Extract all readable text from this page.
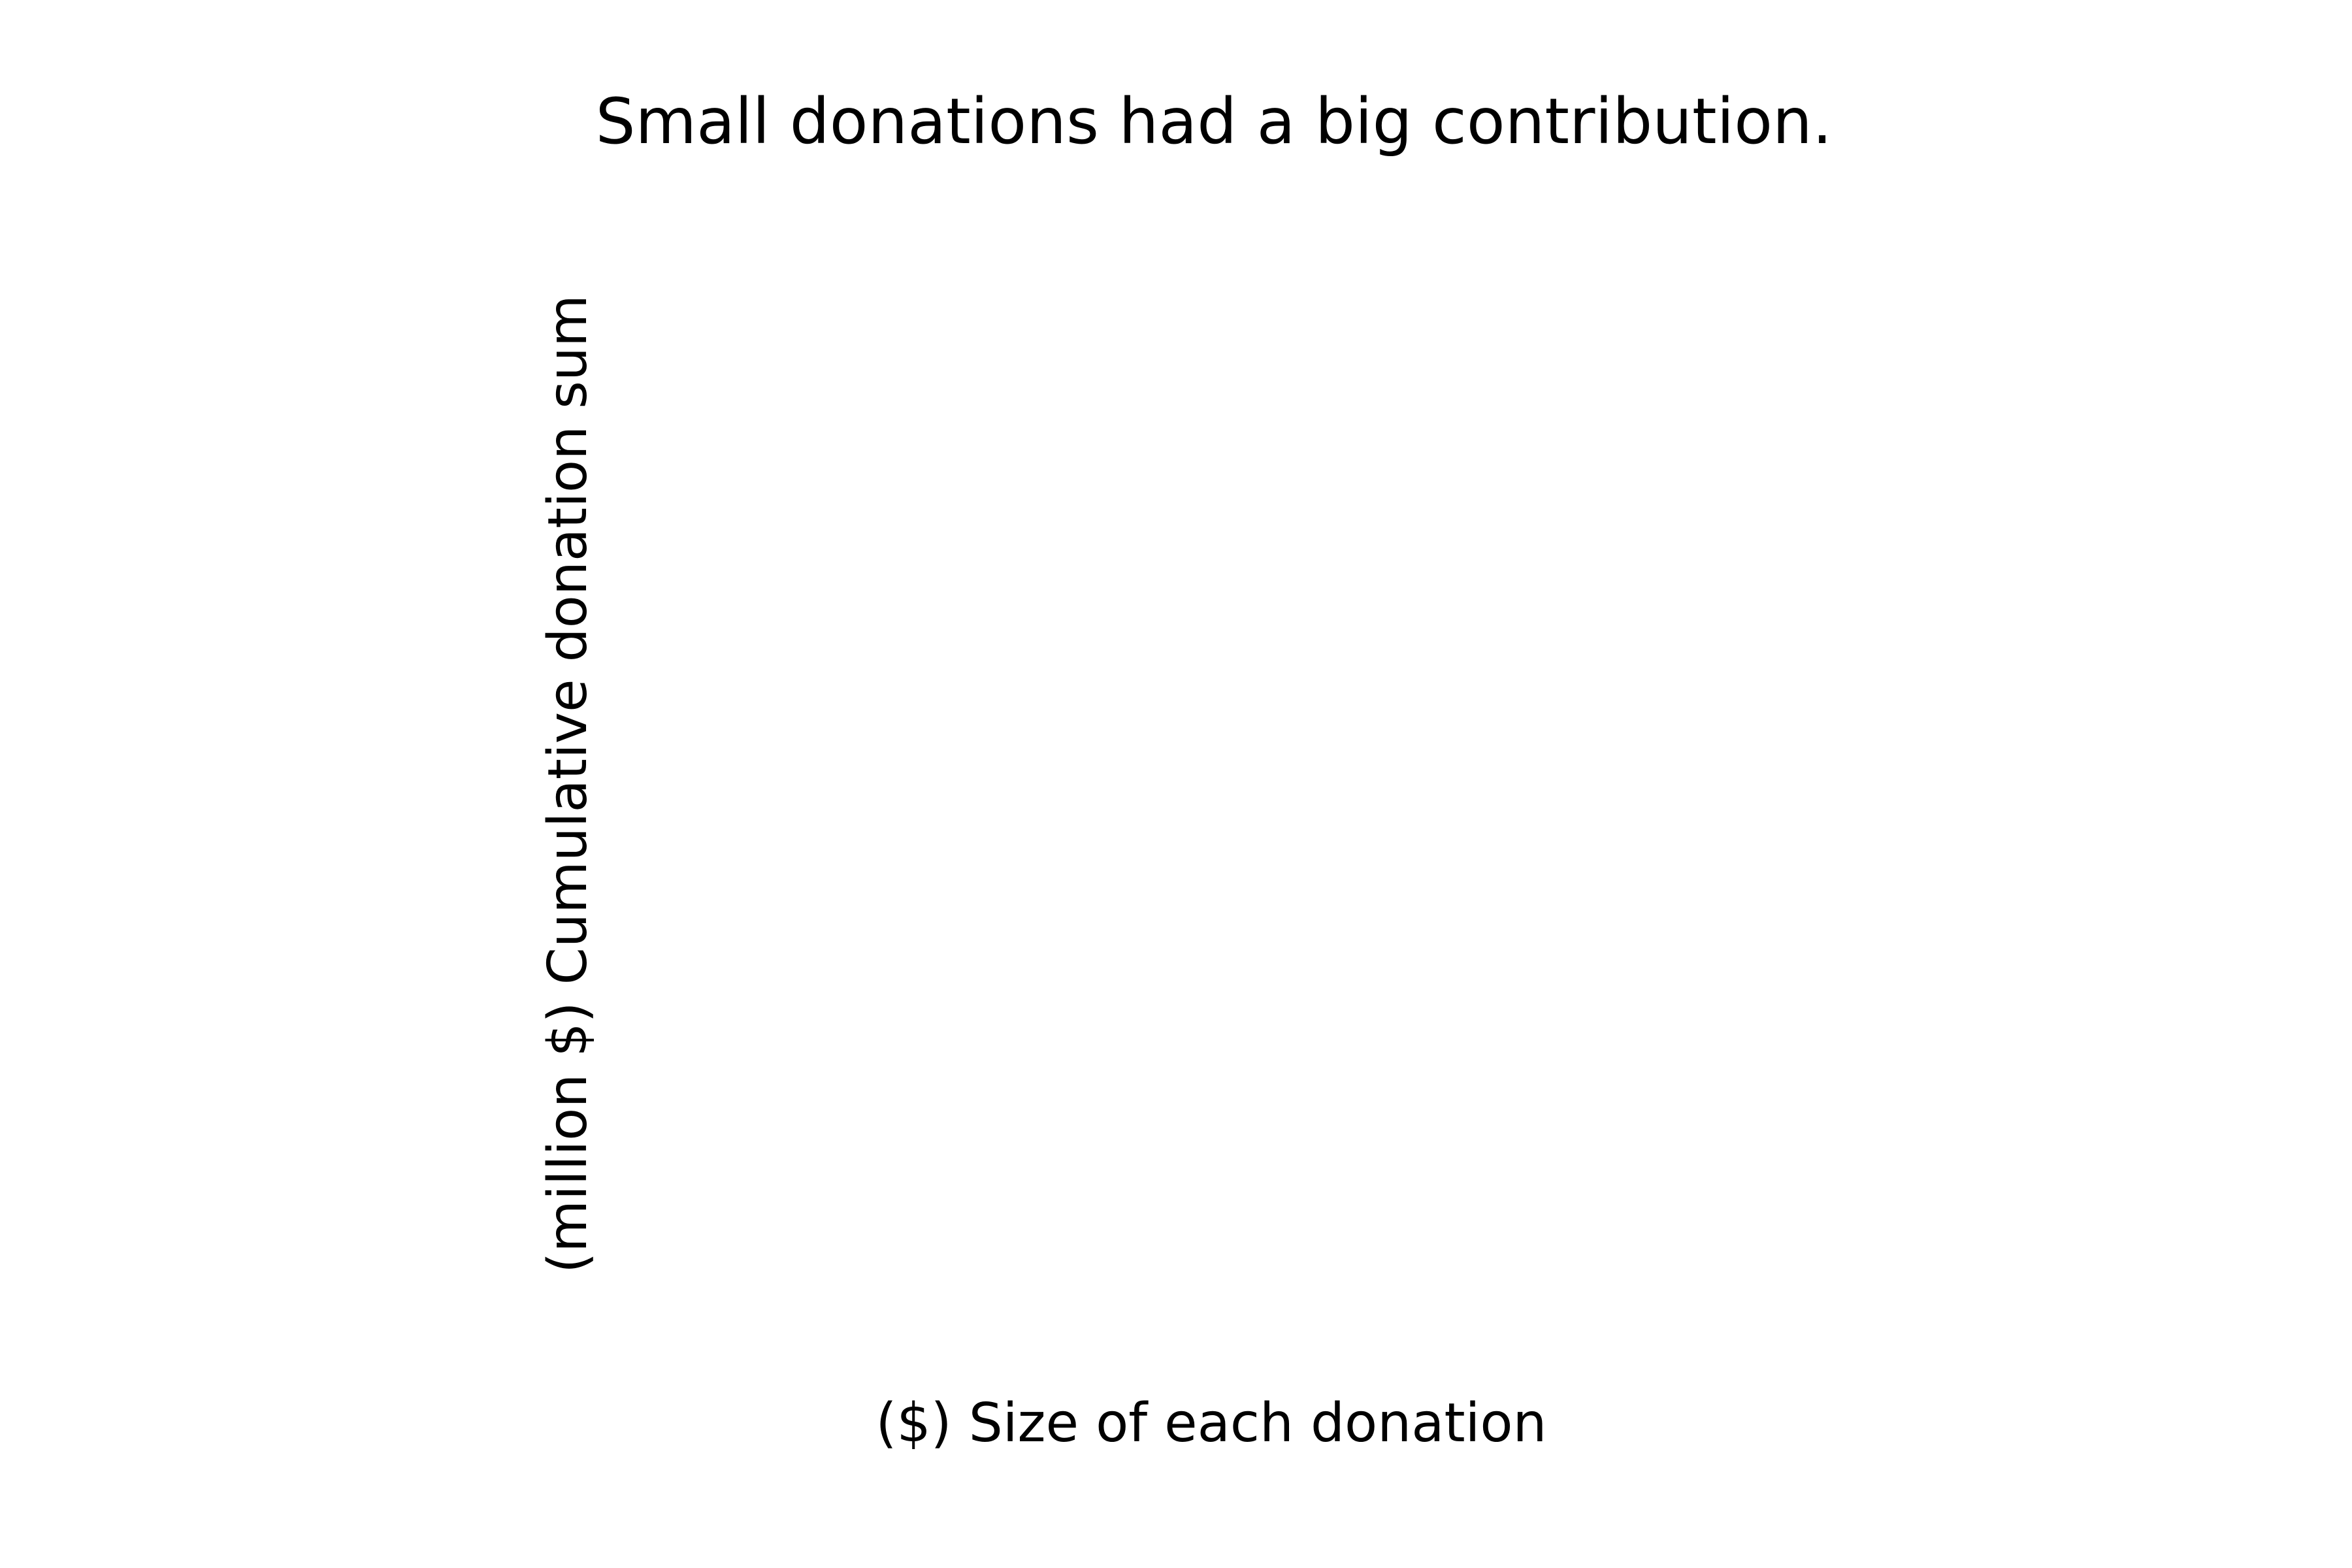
Small donations had a big contribution.
(million $) Cumulative donation sum
($) Size of each donation
